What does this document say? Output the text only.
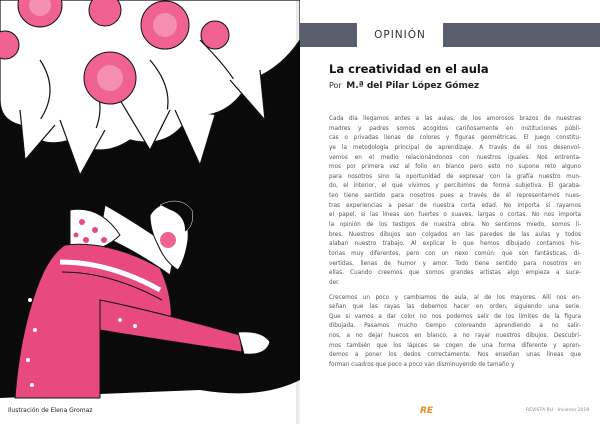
Ilustración de Elena Gromaz
OPINIÓN
La creatividad en el aula
Por M.ª del Pilar López Gómez
Cada día llegamos antes a las aulas, de los amorosos brazos de nuestras
madres y padres somos acogidos cariñosamente en instituciones públi-
cas o privadas llenas de colores y figuras geométricas. El juego constitu-
ye la metodología principal de aprendizaje. A través de él nos desenvol-
vemos en el medio relacionándonos con nuestros iguales. Nos entrenta-
mos por primera vez al folio en blanco pero esto no supone reto alguno
para nosotros sino la oportunidad de expresar con la grafía nuestro mun-
do, el interior, el que vivimos y percibimos de forma subjetiva. El garaba-
teo tiene sentido para nosotros pues a través de él representamos nues-
tras experiencias a pesar de nuestra corta edad. No importa si rayamos
el papel, si las líneas son fuertes o suaves, largas o cortas. No nos importa
la opinión de los testigos de nuestra obra. No sentimos miedo, somos li-
bres. Nuestros dibujos son colgados en las paredes de las aulas y todos
alaban nuestro trabajo. Al explicar lo que hemos dibujado contamos his-
torias muy diferentes, pero con un nexo común: que son fantásticas, di-
vertidas, llenas de humor y amor. Todo tiene sentido para nosotros en
ellas. Cuando creemos que somos grandes artistas algo empieza a suce-
der.
Crecemos un poco y cambiamos de aula, al de los mayores. Allí nos en-
señan que las rayas las debemos hacer en orden, siguiendo una serie.
Que si vamos a dar color no nos podemos salir de los límites de la figura
dibujada. Pasamos mucho tiempo coloreando aprendiendo a no salir-
nos, a no dejar huecos en blanco, a no rayar nuestros dibujos. Descubri-
mos también que los lápices se cogen de una forma diferente y apren-
demos a poner los dedos correctamente. Nos enseñan unas líneas que
forman cuadros que poco a poco van disminuyendo de tamaño y
RE	REVISTA RU · Invierno 2019
